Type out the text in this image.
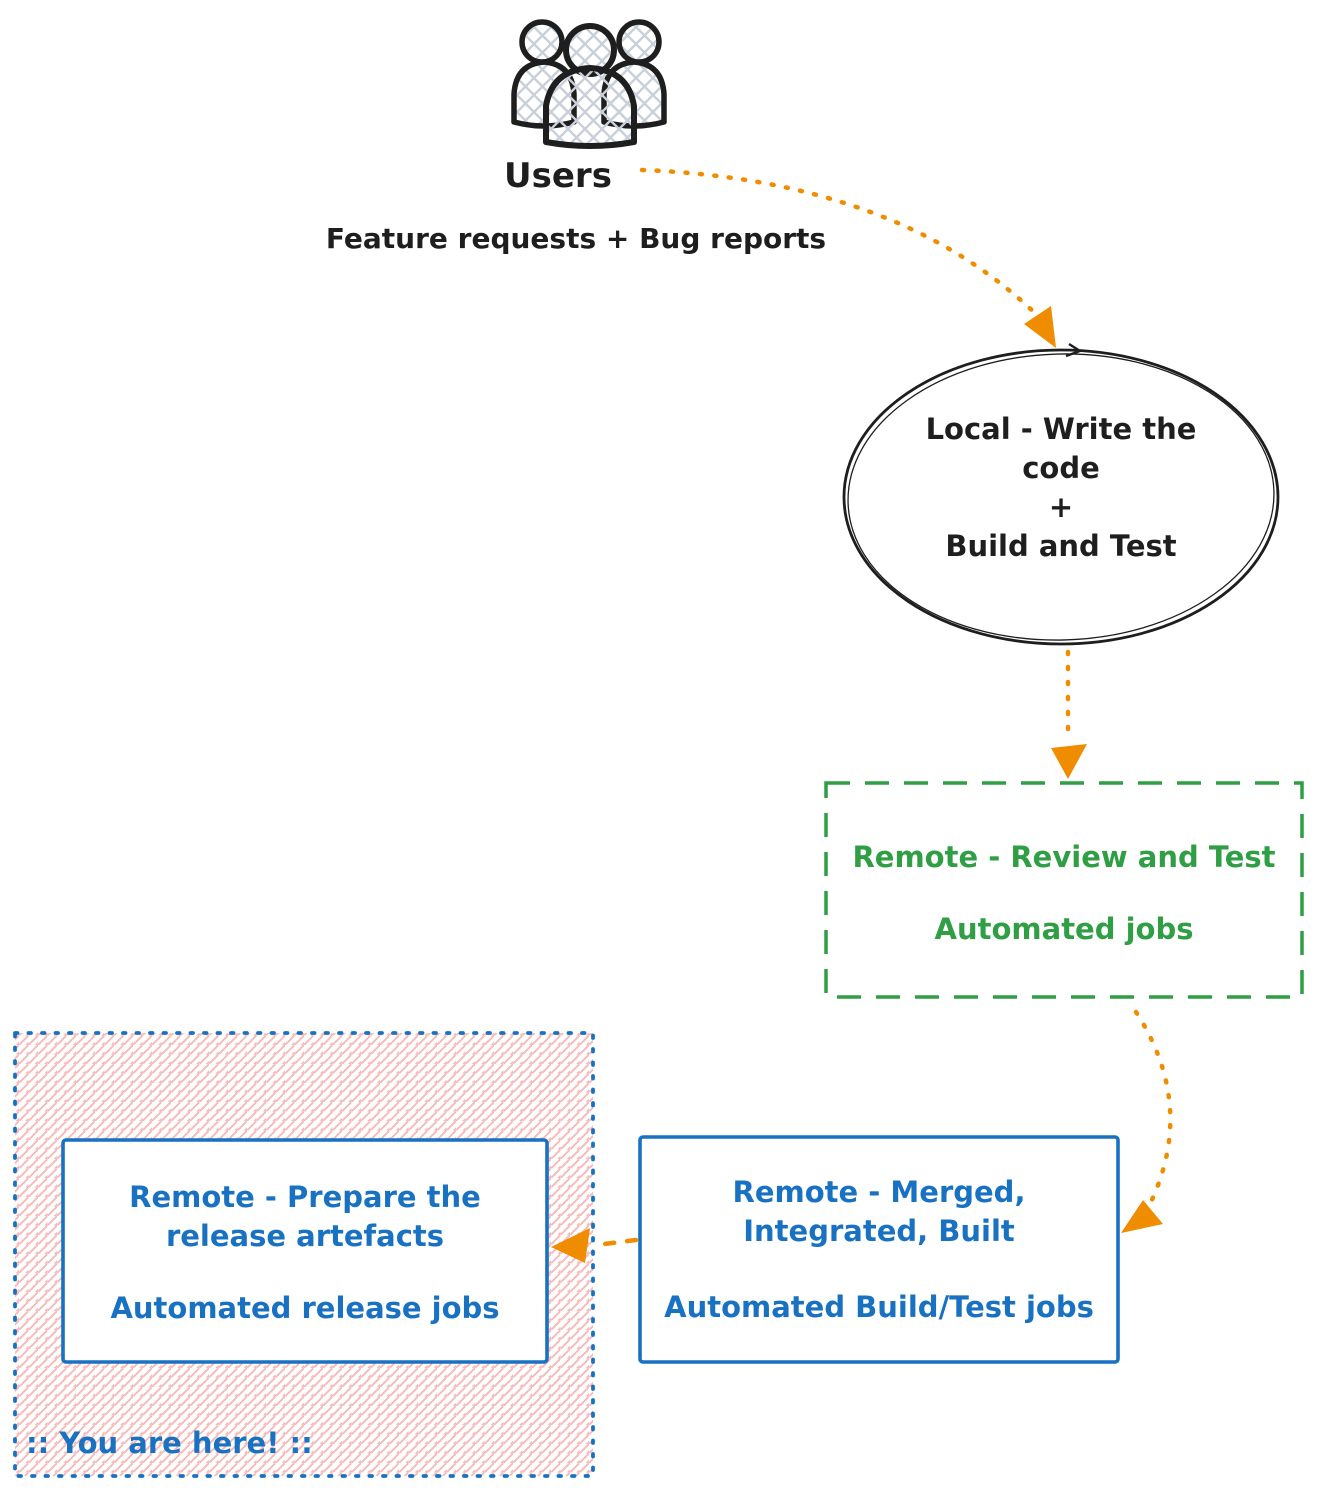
Users
Feature requests + Bug reports
Local - Write the
code
+
Build and Test
Remote - Review and Test
Automated jobs
Remote - Merged,
Integrated, Built
Automated Build/Test jobs
Remote - Prepare the
release artefacts
Automated release jobs
:: You are here! ::
